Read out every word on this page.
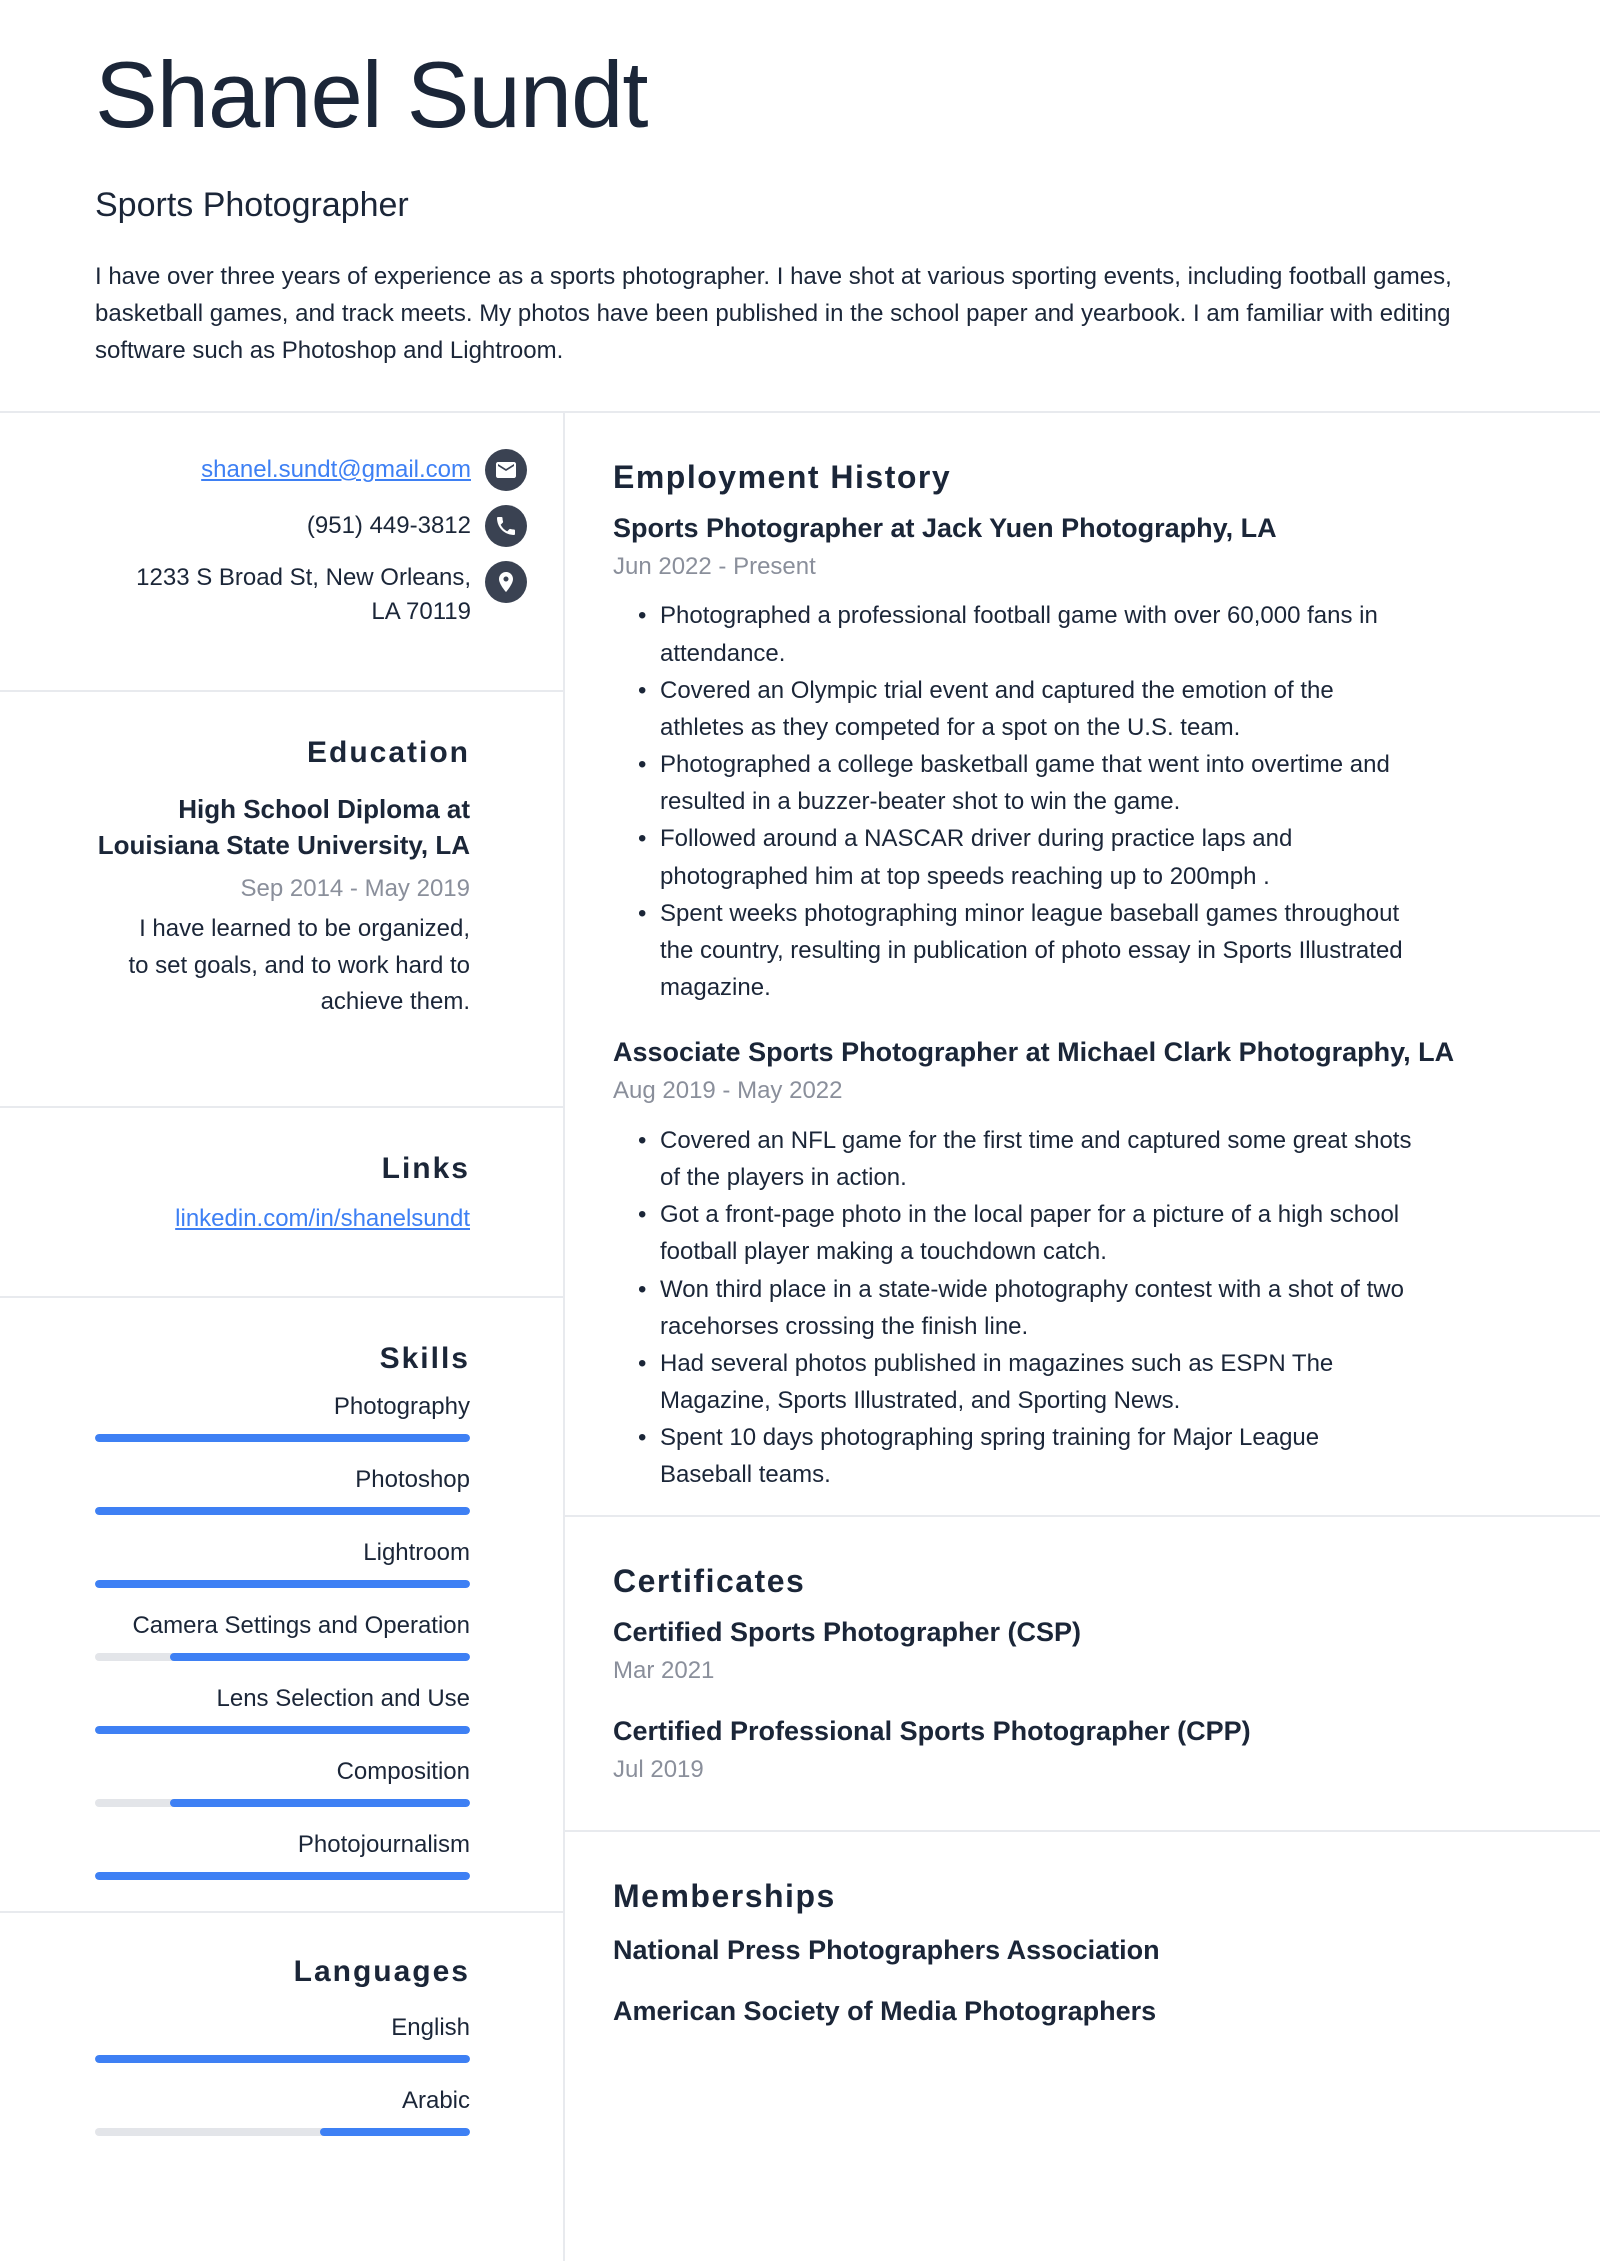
Shanel Sundt
Sports Photographer

I have over three years of experience as a sports photographer. I have shot at various sporting events, including football games, basketball games, and track meets. My photos have been published in the school paper and yearbook. I am familiar with editing software such as Photoshop and Lightroom.

shanel.sundt@gmail.com
(951) 449-3812
1233 S Broad St, New Orleans,
LA 70119
Education
High School Diploma at Louisiana State University, LA
Sep 2014 - May 2019
I have learned to be organized, to set goals, and to work hard to achieve them.
Links
linkedin.com/in/shanelsundt
Skills
Photography
Photoshop
Lightroom
Camera Settings and Operation
Lens Selection and Use
Composition
Photojournalism
Languages
English
Arabic
Employment History
Sports Photographer at Jack Yuen Photography, LA
Jun 2022 - Present
• Photographed a professional football game with over 60,000 fans in attendance.
• Covered an Olympic trial event and captured the emotion of the athletes as they competed for a spot on the U.S. team.
• Photographed a college basketball game that went into overtime and resulted in a buzzer-beater shot to win the game.
• Followed around a NASCAR driver during practice laps and photographed him at top speeds reaching up to 200mph .
• Spent weeks photographing minor league baseball games throughout the country, resulting in publication of photo essay in Sports Illustrated magazine.
Associate Sports Photographer at Michael Clark Photography, LA
Aug 2019 - May 2022
• Covered an NFL game for the first time and captured some great shots of the players in action.
• Got a front-page photo in the local paper for a picture of a high school football player making a touchdown catch.
• Won third place in a state-wide photography contest with a shot of two racehorses crossing the finish line.
• Had several photos published in magazines such as ESPN The Magazine, Sports Illustrated, and Sporting News.
• Spent 10 days photographing spring training for Major League Baseball teams.
Certificates
Certified Sports Photographer (CSP)
Mar 2021
Certified Professional Sports Photographer (CPP)
Jul 2019
Memberships
National Press Photographers Association
American Society of Media Photographers
